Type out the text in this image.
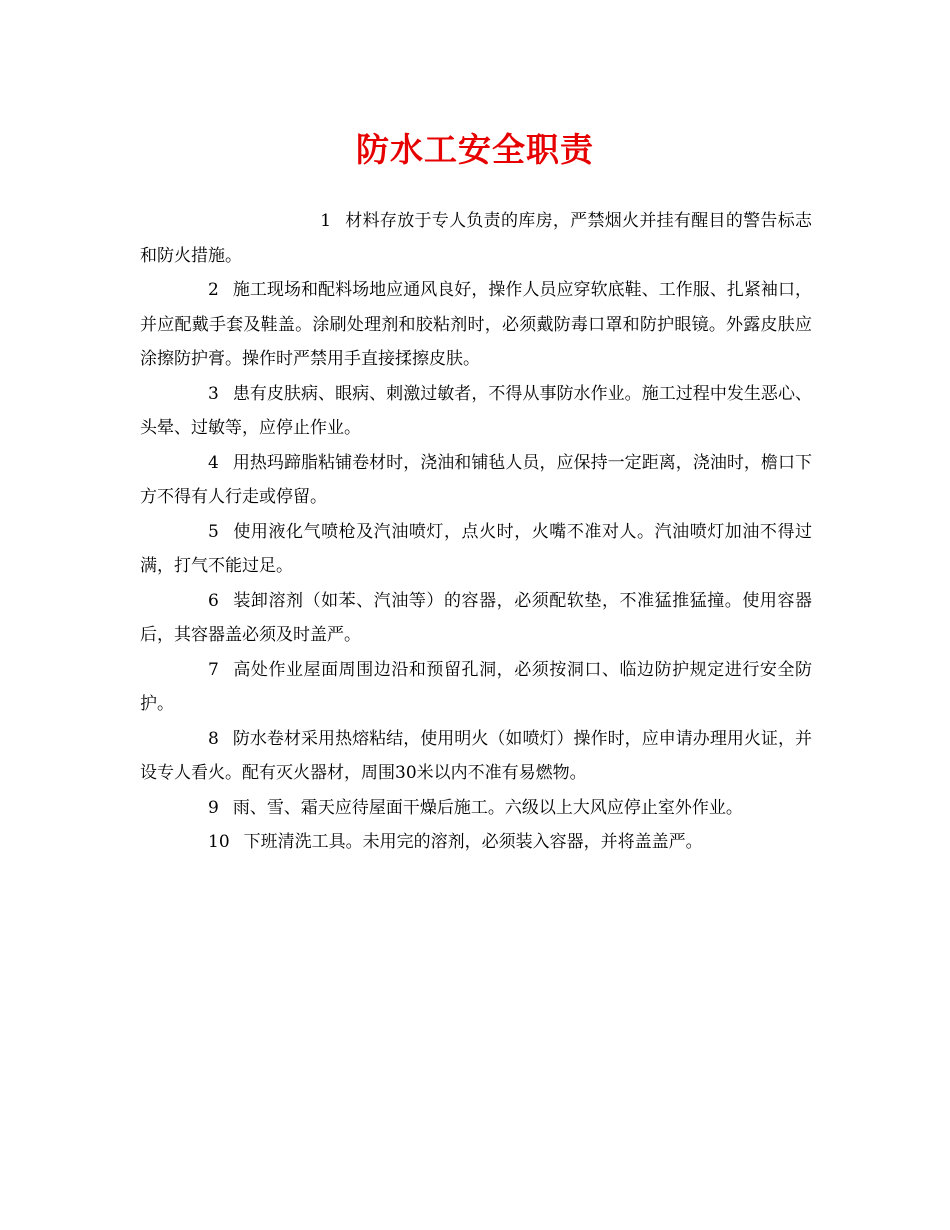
防水工安全职责

1 材料存放于专人负责的库房，严禁烟火并挂有醒目的警告标志和防火措施。

2 施工现场和配料场地应通风良好，操作人员应穿软底鞋、工作服、扎紧袖口，并应配戴手套及鞋盖。涂刷处理剂和胶粘剂时，必须戴防毒口罩和防护眼镜。外露皮肤应涂擦防护膏。操作时严禁用手直接揉擦皮肤。

3 患有皮肤病、眼病、刺激过敏者，不得从事防水作业。施工过程中发生恶心、头晕、过敏等，应停止作业。

4 用热玛蹄脂粘铺卷材时，浇油和铺毡人员，应保持一定距离，浇油时，檐口下方不得有人行走或停留。

5 使用液化气喷枪及汽油喷灯，点火时，火嘴不准对人。汽油喷灯加油不得过满，打气不能过足。

6 装卸溶剂（如苯、汽油等）的容器，必须配软垫，不准猛推猛撞。使用容器后，其容器盖必须及时盖严。

7 高处作业屋面周围边沿和预留孔洞，必须按洞口、临边防护规定进行安全防护。

8 防水卷材采用热熔粘结，使用明火（如喷灯）操作时，应申请办理用火证，并设专人看火。配有灭火器材，周围30米以内不准有易燃物。

9 雨、雪、霜天应待屋面干燥后施工。六级以上大风应停止室外作业。

10 下班清洗工具。未用完的溶剂，必须装入容器，并将盖盖严。
